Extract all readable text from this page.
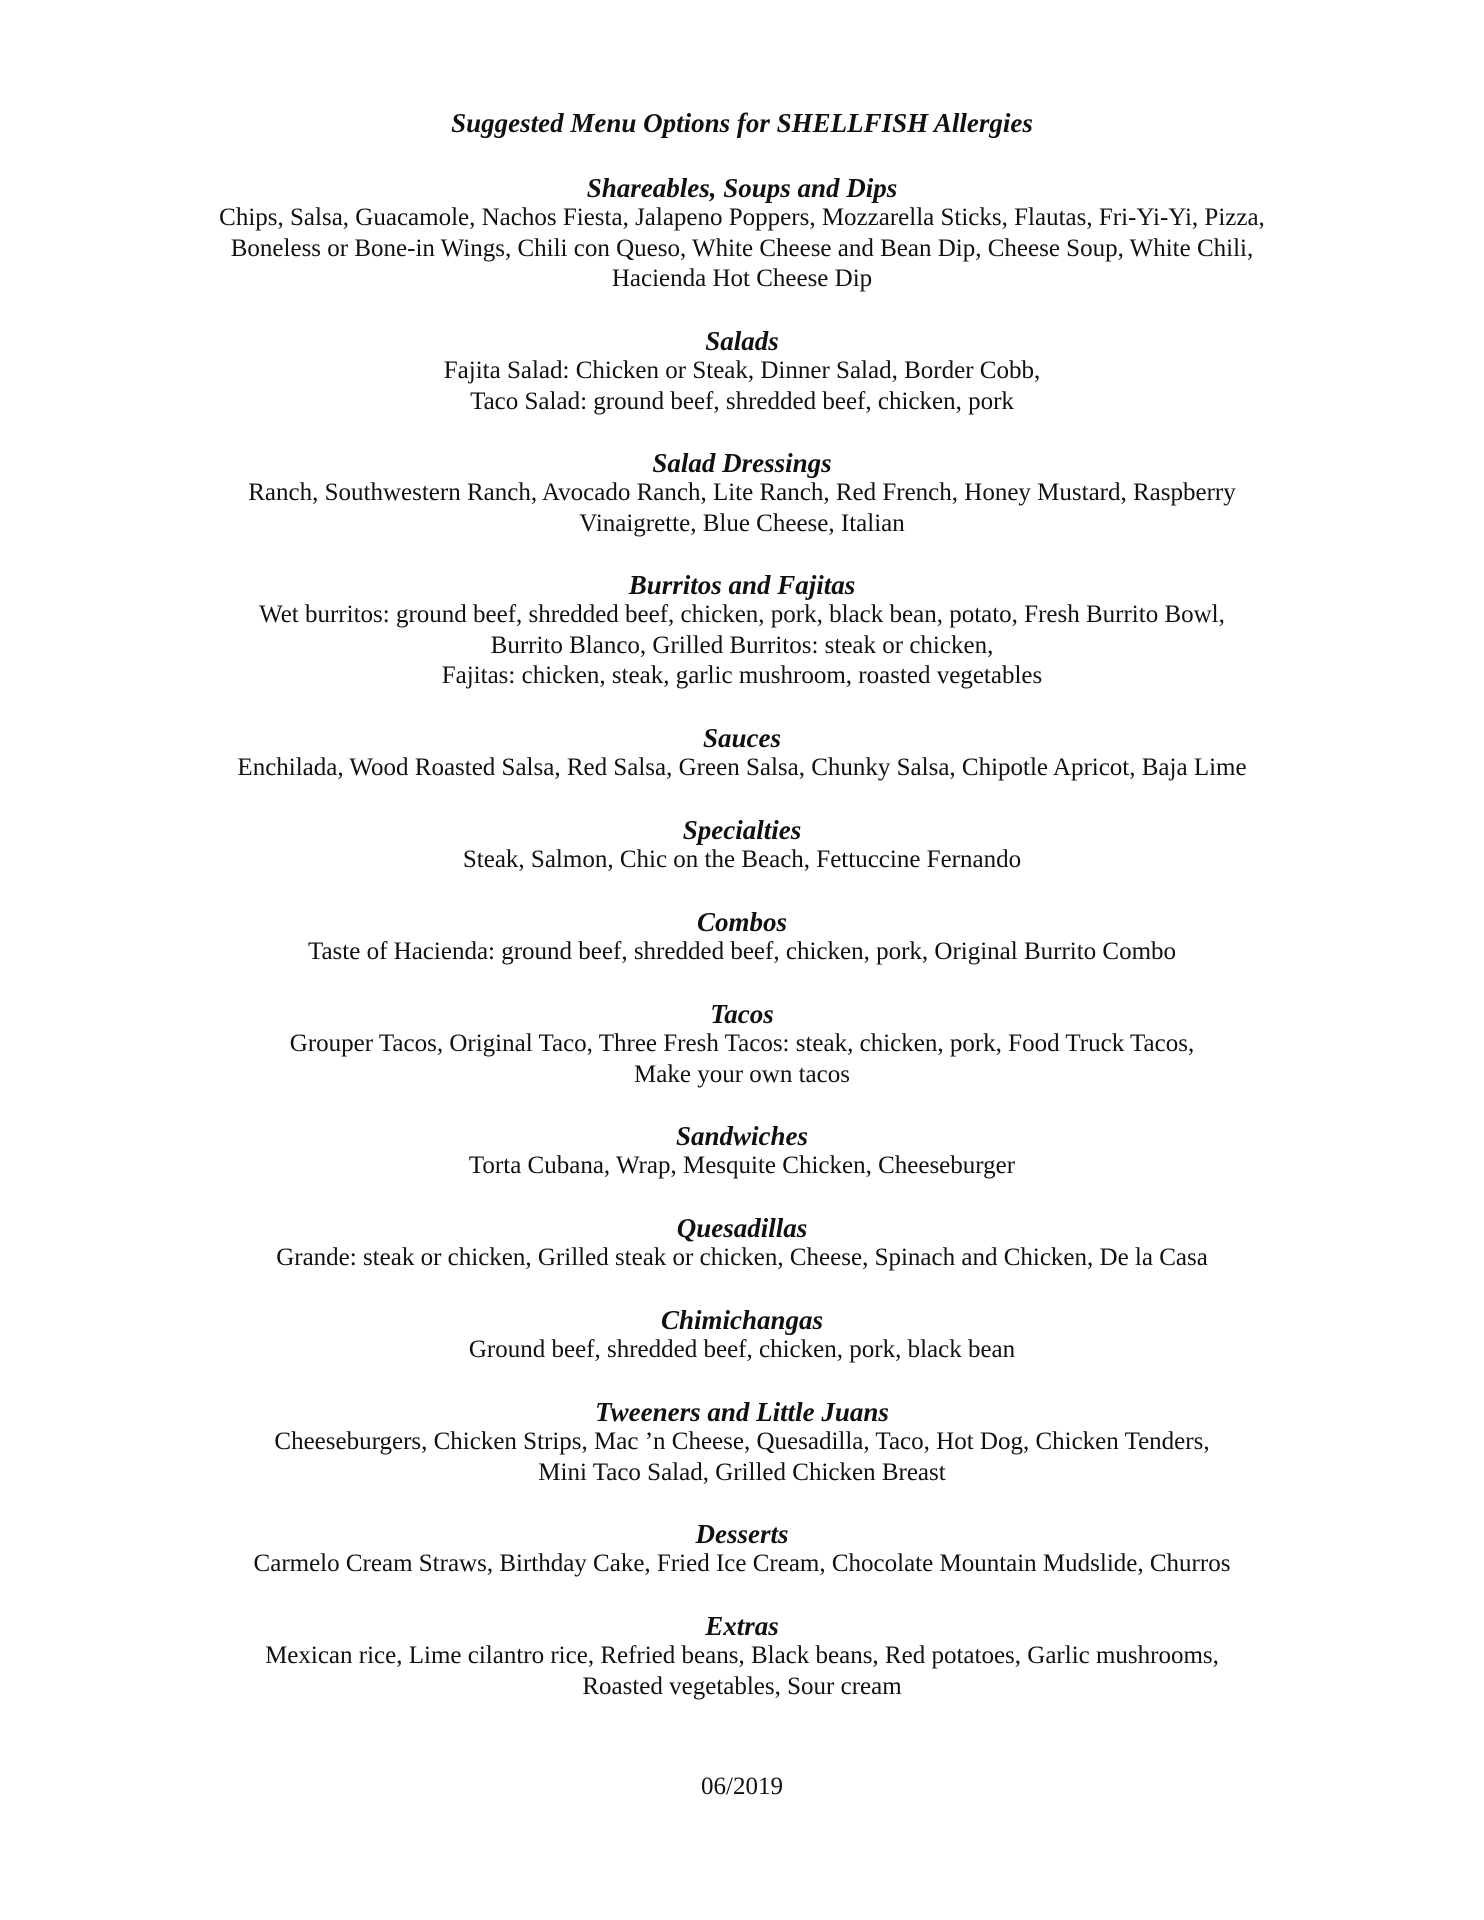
Suggested Menu Options for SHELLFISH Allergies
Shareables, Soups and Dips

Chips, Salsa, Guacamole, Nachos Fiesta, Jalapeno Poppers, Mozzarella Sticks, Flautas, Fri-Yi-Yi, Pizza,

Boneless or Bone-in Wings, Chili con Queso, White Cheese and Bean Dip, Cheese Soup, White Chili,

Hacienda Hot Cheese Dip

Salads

Fajita Salad: Chicken or Steak, Dinner Salad, Border Cobb,

Taco Salad: ground beef, shredded beef, chicken, pork

Salad Dressings

Ranch, Southwestern Ranch, Avocado Ranch, Lite Ranch, Red French, Honey Mustard, Raspberry

Vinaigrette, Blue Cheese, Italian

Burritos and Fajitas

Wet burritos: ground beef, shredded beef, chicken, pork, black bean, potato, Fresh Burrito Bowl,

Burrito Blanco, Grilled Burritos: steak or chicken,

Fajitas: chicken, steak, garlic mushroom, roasted vegetables

Sauces

Enchilada, Wood Roasted Salsa, Red Salsa, Green Salsa, Chunky Salsa, Chipotle Apricot, Baja Lime

Specialties

Steak, Salmon, Chic on the Beach, Fettuccine Fernando

Combos

Taste of Hacienda: ground beef, shredded beef, chicken, pork, Original Burrito Combo

Tacos

Grouper Tacos, Original Taco, Three Fresh Tacos: steak, chicken, pork, Food Truck Tacos,

Make your own tacos

Sandwiches

Torta Cubana, Wrap, Mesquite Chicken, Cheeseburger

Quesadillas

Grande: steak or chicken, Grilled steak or chicken, Cheese, Spinach and Chicken, De la Casa

Chimichangas

Ground beef, shredded beef, chicken, pork, black bean

Tweeners and Little Juans

Cheeseburgers, Chicken Strips, Mac ’n Cheese, Quesadilla, Taco, Hot Dog, Chicken Tenders,

Mini Taco Salad, Grilled Chicken Breast

Desserts

Carmelo Cream Straws, Birthday Cake, Fried Ice Cream, Chocolate Mountain Mudslide, Churros

Extras

Mexican rice, Lime cilantro rice, Refried beans, Black beans, Red potatoes, Garlic mushrooms,

Roasted vegetables, Sour cream

06/2019
